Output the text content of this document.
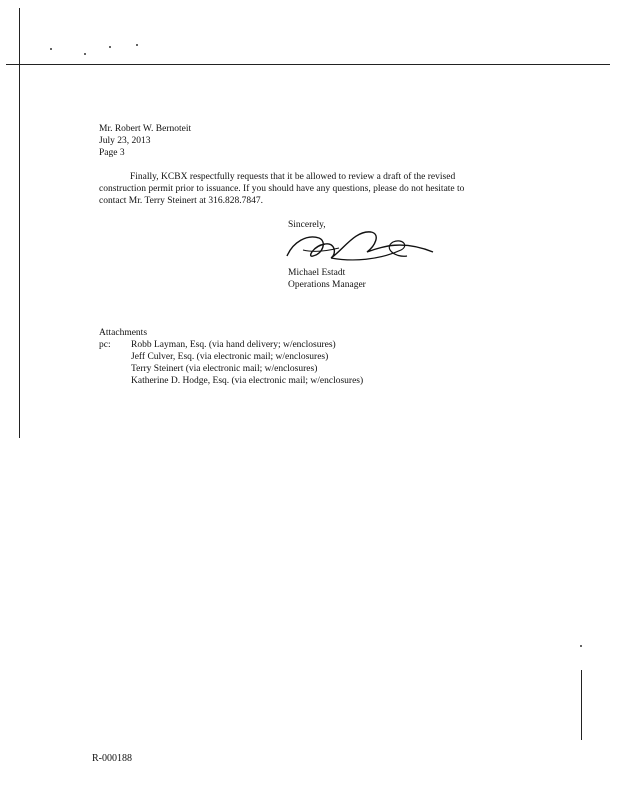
Mr. Robert W. Bernoteit
July 23, 2013
Page 3
Finally, KCBX respectfully requests that it be allowed to review a draft of the revised
construction permit prior to issuance. If you should have any questions, please do not hesitate to
contact Mr. Terry Steinert at 316.828.7847.
Sincerely,
Michael Estadt
Operations Manager
Attachments
pc: Robb Layman, Esq. (via hand delivery; w/enclosures)
Jeff Culver, Esq. (via electronic mail; w/enclosures)
Terry Steinert (via electronic mail; w/enclosures)
Katherine D. Hodge, Esq. (via electronic mail; w/enclosures)
R-000188
